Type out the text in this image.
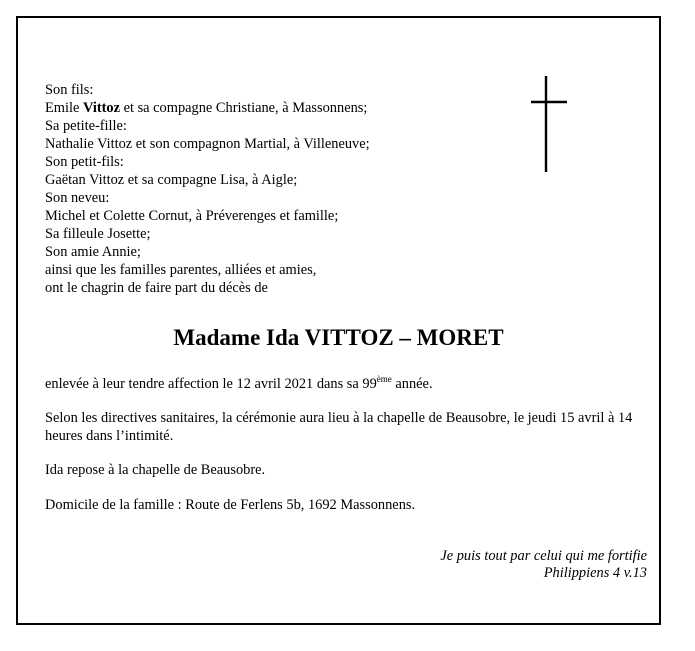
Son fils:
Emile Vittoz et sa compagne Christiane, à Massonnens;
Sa petite-fille:
Nathalie Vittoz et son compagnon Martial, à Villeneuve;
Son petit-fils:
Gaëtan Vittoz et sa compagne Lisa, à Aigle;
Son neveu:
Michel et Colette Cornut, à Préverenges et famille;
Sa filleule Josette;
Son amie Annie;
ainsi que les familles parentes, alliées et amies,
ont le chagrin de faire part du décès de
Madame Ida VITTOZ – MORET
enlevée à leur tendre affection le 12 avril 2021 dans sa 99ème année.
Selon les directives sanitaires, la cérémonie aura lieu à la chapelle de Beausobre, le jeudi 15 avril à 14 heures dans l’intimité.
Ida repose à la chapelle de Beausobre.
Domicile de la famille : Route de Ferlens 5b, 1692 Massonnens.
Je puis tout par celui qui me fortifie
Philippiens 4 v.13
